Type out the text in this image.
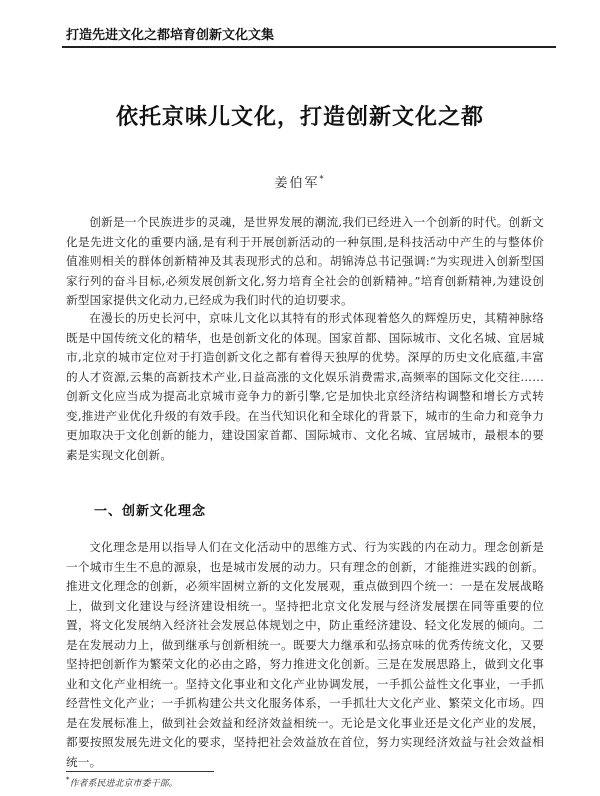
打造先进文化之都培育创新文化文集
依托京味儿文化，打造创新文化之都
姜伯军*

创新是一个民族进步的灵魂，是世界发展的潮流,我们已经进入一个创新的时代。创新文化是先进文化的重要内涵,是有利于开展创新活动的一种氛围,是科技活动中产生的与整体价值准则相关的群体创新精神及其表现形式的总和。胡锦涛总书记强调:“为实现进入创新型国家行列的奋斗目标,必须发展创新文化,努力培育全社会的创新精神。”培育创新精神,为建设创新型国家提供文化动力,已经成为我们时代的迫切要求。

在漫长的历史长河中，京味儿文化以其特有的形式体现着悠久的辉煌历史，其精神脉络既是中国传统文化的精华，也是创新文化的体现。国家首都、国际城市、文化名城、宜居城市,北京的城市定位对于打造创新文化之都有着得天独厚的优势。深厚的历史文化底蕴,丰富的人才资源,云集的高新技术产业,日益高涨的文化娱乐消费需求,高频率的国际文化交往……创新文化应当成为提高北京城市竞争力的新引擎,它是加快北京经济结构调整和增长方式转变,推进产业优化升级的有效手段。在当代知识化和全球化的背景下，城市的生命力和竞争力更加取决于文化创新的能力，建设国家首都、国际城市、文化名城、宜居城市，最根本的要素是实现文化创新。

一、创新文化理念

文化理念是用以指导人们在文化活动中的思维方式、行为实践的内在动力。理念创新是一个城市生生不息的源泉，也是城市发展的动力。只有理念的创新，才能推进实践的创新。推进文化理念的创新，必须牢固树立新的文化发展观，重点做到四个统一：一是在发展战略上，做到文化建设与经济建设相统一。坚持把北京文化发展与经济发展摆在同等重要的位置，将文化发展纳入经济社会发展总体规划之中，防止重经济建设、轻文化发展的倾向。二是在发展动力上，做到继承与创新相统一。既要大力继承和弘扬京味的优秀传统文化，又要坚持把创新作为繁荣文化的必由之路，努力推进文化创新。三是在发展思路上，做到文化事业和文化产业相统一。坚持文化事业和文化产业协调发展，一手抓公益性文化事业，一手抓经营性文化产业；一手抓构建公共文化服务体系，一手抓壮大文化产业、繁荣文化市场。四是在发展标准上，做到社会效益和经济效益相统一。无论是文化事业还是文化产业的发展，都要按照发展先进文化的要求，坚持把社会效益放在首位，努力实现经济效益与社会效益相统一。

*作者系民进北京市委干部。
